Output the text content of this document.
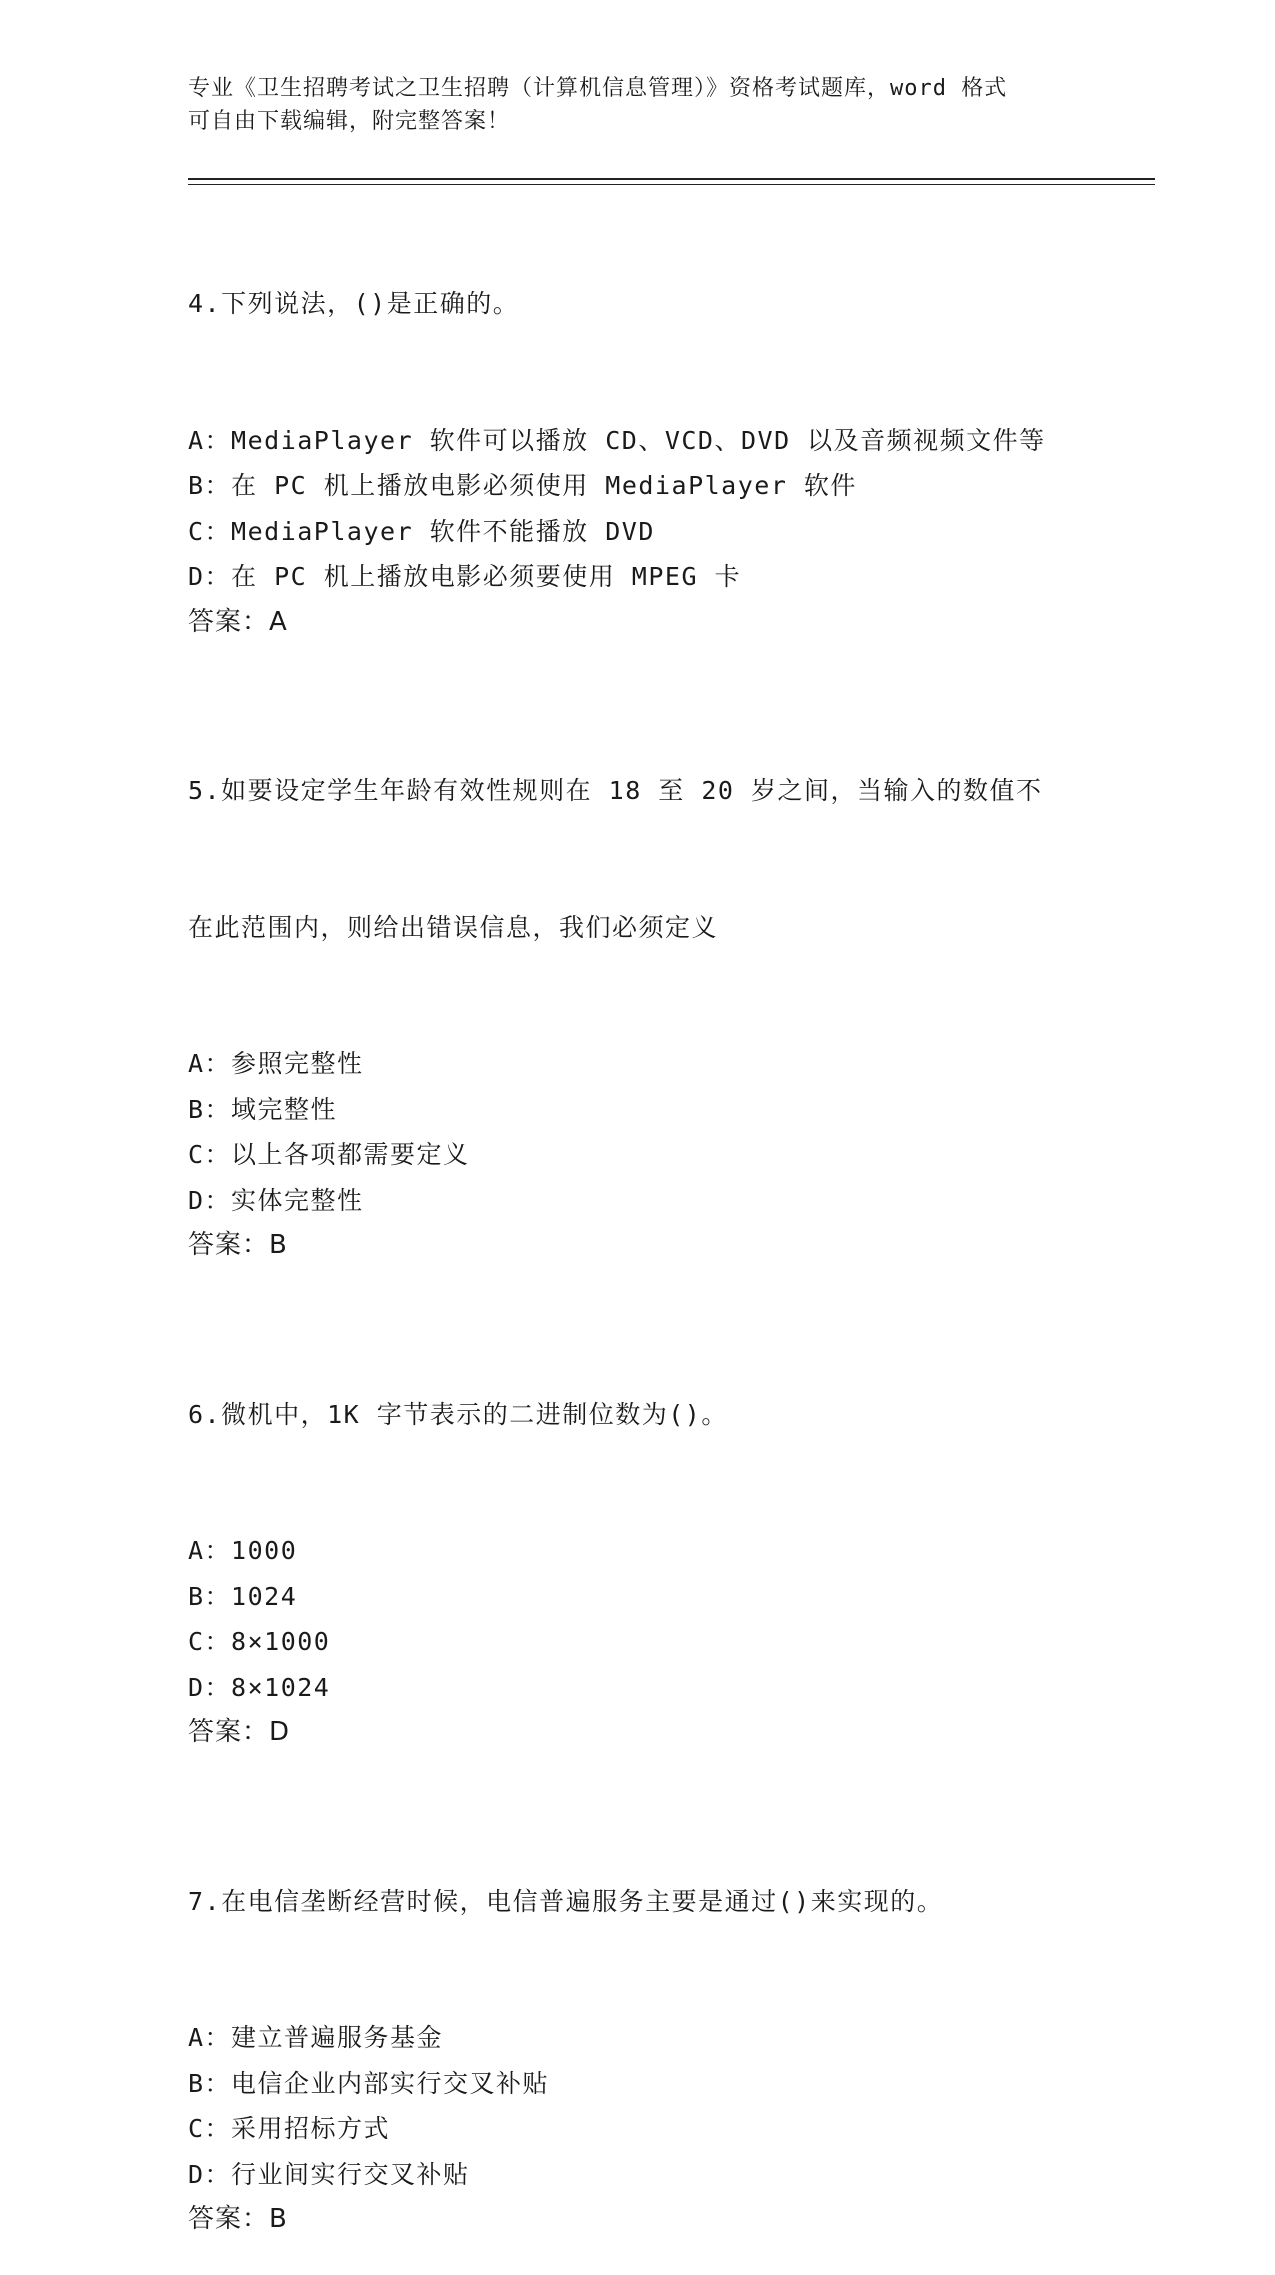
专业《卫生招聘考试之卫生招聘（计算机信息管理）》资格考试题库，word 格式
可自由下载编辑，附完整答案！

4.下列说法，()是正确的。

A：MediaPlayer 软件可以播放 CD、VCD、DVD 以及音频视频文件等
B：在 PC 机上播放电影必须使用 MediaPlayer 软件
C：MediaPlayer 软件不能播放 DVD
D：在 PC 机上播放电影必须要使用 MPEG 卡
答案：A

5.如要设定学生年龄有效性规则在 18 至 20 岁之间，当输入的数值不

在此范围内，则给出错误信息，我们必须定义

A：参照完整性
B：域完整性
C：以上各项都需要定义
D：实体完整性
答案：B

6.微机中，1K 字节表示的二进制位数为()。

A：1000
B：1024
C：8×1000
D：8×1024
答案：D

7.在电信垄断经营时候，电信普遍服务主要是通过()来实现的。

A：建立普遍服务基金
B：电信企业内部实行交叉补贴
C：采用招标方式
D：行业间实行交叉补贴
答案：B
